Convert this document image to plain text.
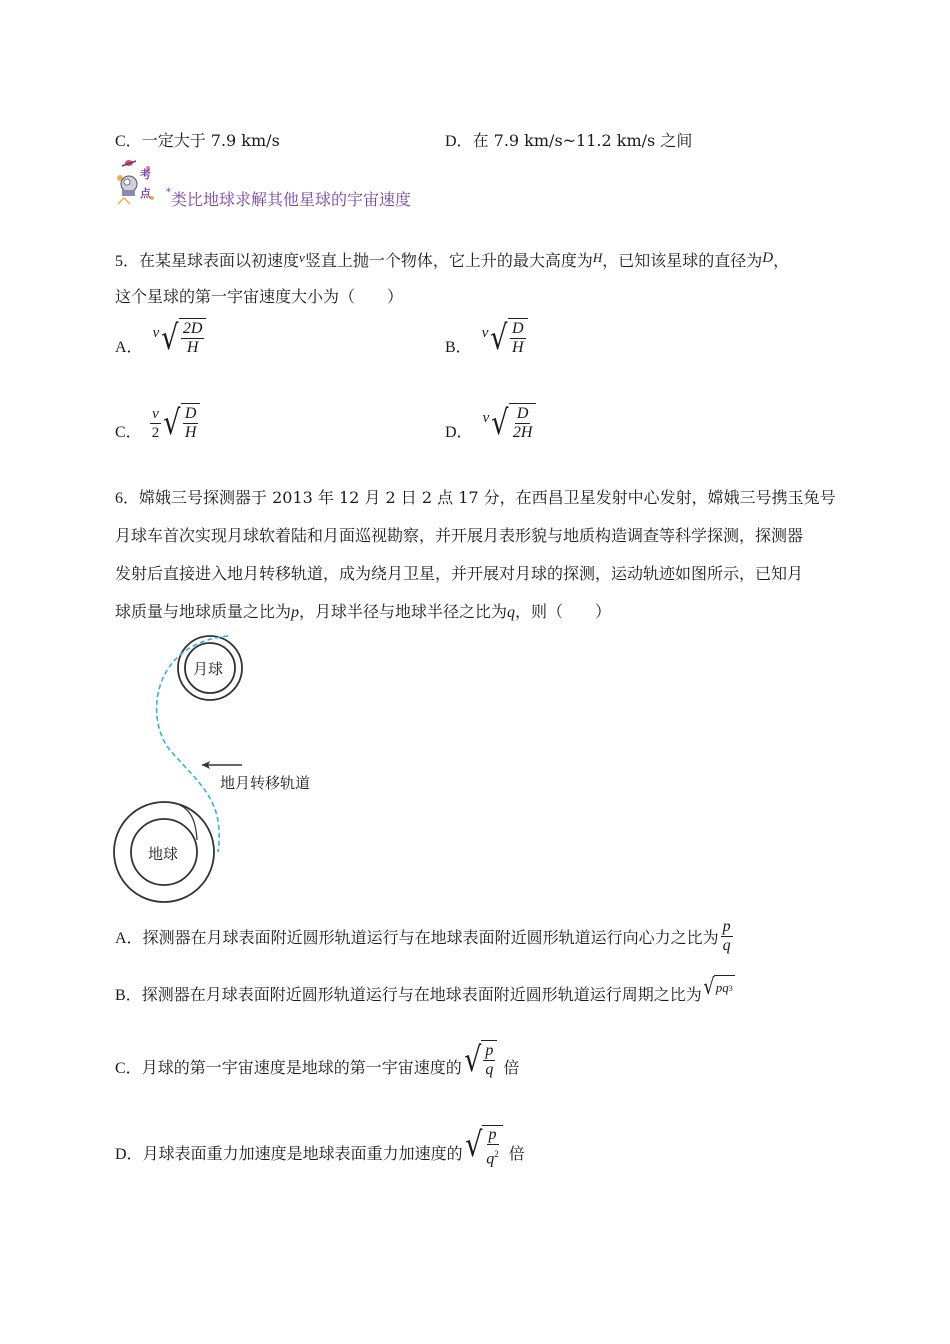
C．一定大于 7.9 km/s	D．在 7.9 km/s~11.2 km/s 之间
考
点 *类比地球求解其他星球的宇宙速度
5．在某星球表面以初速度$^v$竖直上抛一个物体，它上升的最大高度为$^H$，已知该星球的直径为D，
这个星球的第一宇宙速度大小为（　　）
A．
v √ $\frac{2D}{H}$	B．
v √ $\frac{D}{H}$
C． $\frac{v}{2}$ √ $\frac{D}{H}$	D．
v √ $\frac{D}{2H}$
6．嫦娥三号探测器于 2013 年 12 月 2 日 2 点 17 分，在西昌卫星发射中心发射，嫦娥三号携玉兔号
月球车首次实现月球软着陆和月面巡视勘察，并开展月表形貌与地质构造调查等科学探测，探测器
发射后直接进入地月转移轨道，成为绕月卫星，并开展对月球的探测，运动轨迹如图所示，已知月
球质量与地球质量之比为p，月球半径与地球半径之比为q，则（　　）
月球
地球
地月转移轨道
A． 探测器在月球表面附近圆形轨道运行与在地球表面附近圆形轨道运行向心力之比为 $\frac{p}{q}$
B． 探测器在月球表面附近圆形轨道运行与在地球表面附近圆形轨道运行周期之比为 √ pq 3
C． 月球的第一宇宙速度是地球的第一宇宙速度的 √ $\frac{p}{q}$ 倍
D． 月球表面重力加速度是地球表面重力加速度的 √ $\frac{p}{q^2}$ 倍
